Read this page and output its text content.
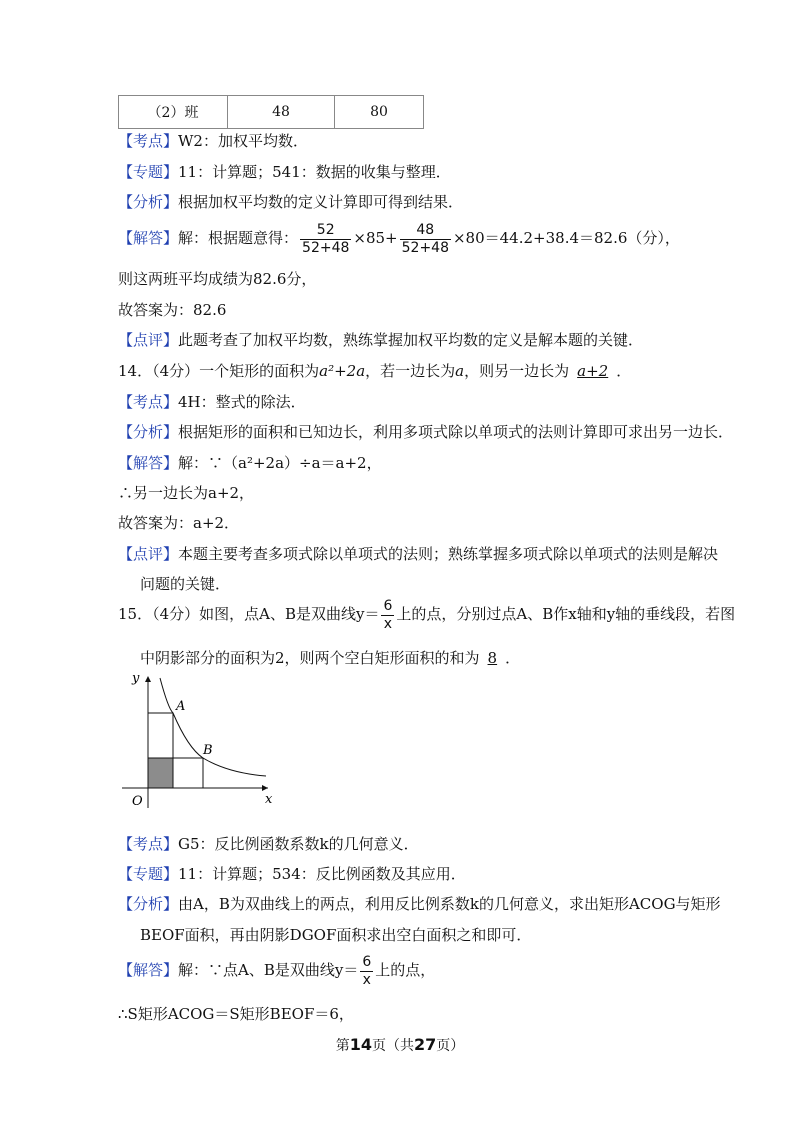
（2）班	48	80
【考点】W2：加权平均数．
【专题】11：计算题；541：数据的收集与整理．
【分析】根据加权平均数的定义计算即可得到结果．
【解答】解：根据题意得： $\frac{52}{52+48} \times 85+ \frac{48}{52+48} \times 80=44.2+38.4=82.6$（分），
则这两班平均成绩为82.6分，
故答案为：82.6
【点评】此题考查了加权平均数，熟练掌握加权平均数的定义是解本题的关键．
14．（4分）一个矩形的面积为a²+2a，若一边长为a，则另一边长为 a+2 ．
【考点】4H：整式的除法．
【分析】根据矩形的面积和已知边长，利用多项式除以单项式的法则计算即可求出另一边长．
【解答】解：∵（a²+2a）÷a＝a+2，
∴另一边长为a+2，
故答案为：a+2．
【点评】本题主要考查多项式除以单项式的法则；熟练掌握多项式除以单项式的法则是解决
问题的关键．
15．（4分）如图，点A、B是双曲线$y= \frac{6}{x}$ 上的点，分别过点A、B作x轴和y轴的垂线段，若图
中阴影部分的面积为2，则两个空白矩形面积的和为 8 ．
y
x
O
A
B
【考点】G5：反比例函数系数k的几何意义．
【专题】11：计算题；534：反比例函数及其应用．
【分析】由A，B为双曲线上的两点，利用反比例系数k的几何意义，求出矩形ACOG与矩形
BEOF面积，再由阴影DGOF面积求出空白面积之和即可．
【解答】解：∵点A、B是双曲线$y= \frac{6}{x}$ 上的点，
∴S矩形ACOG＝S矩形BEOF＝6，
第14页（共27页）
